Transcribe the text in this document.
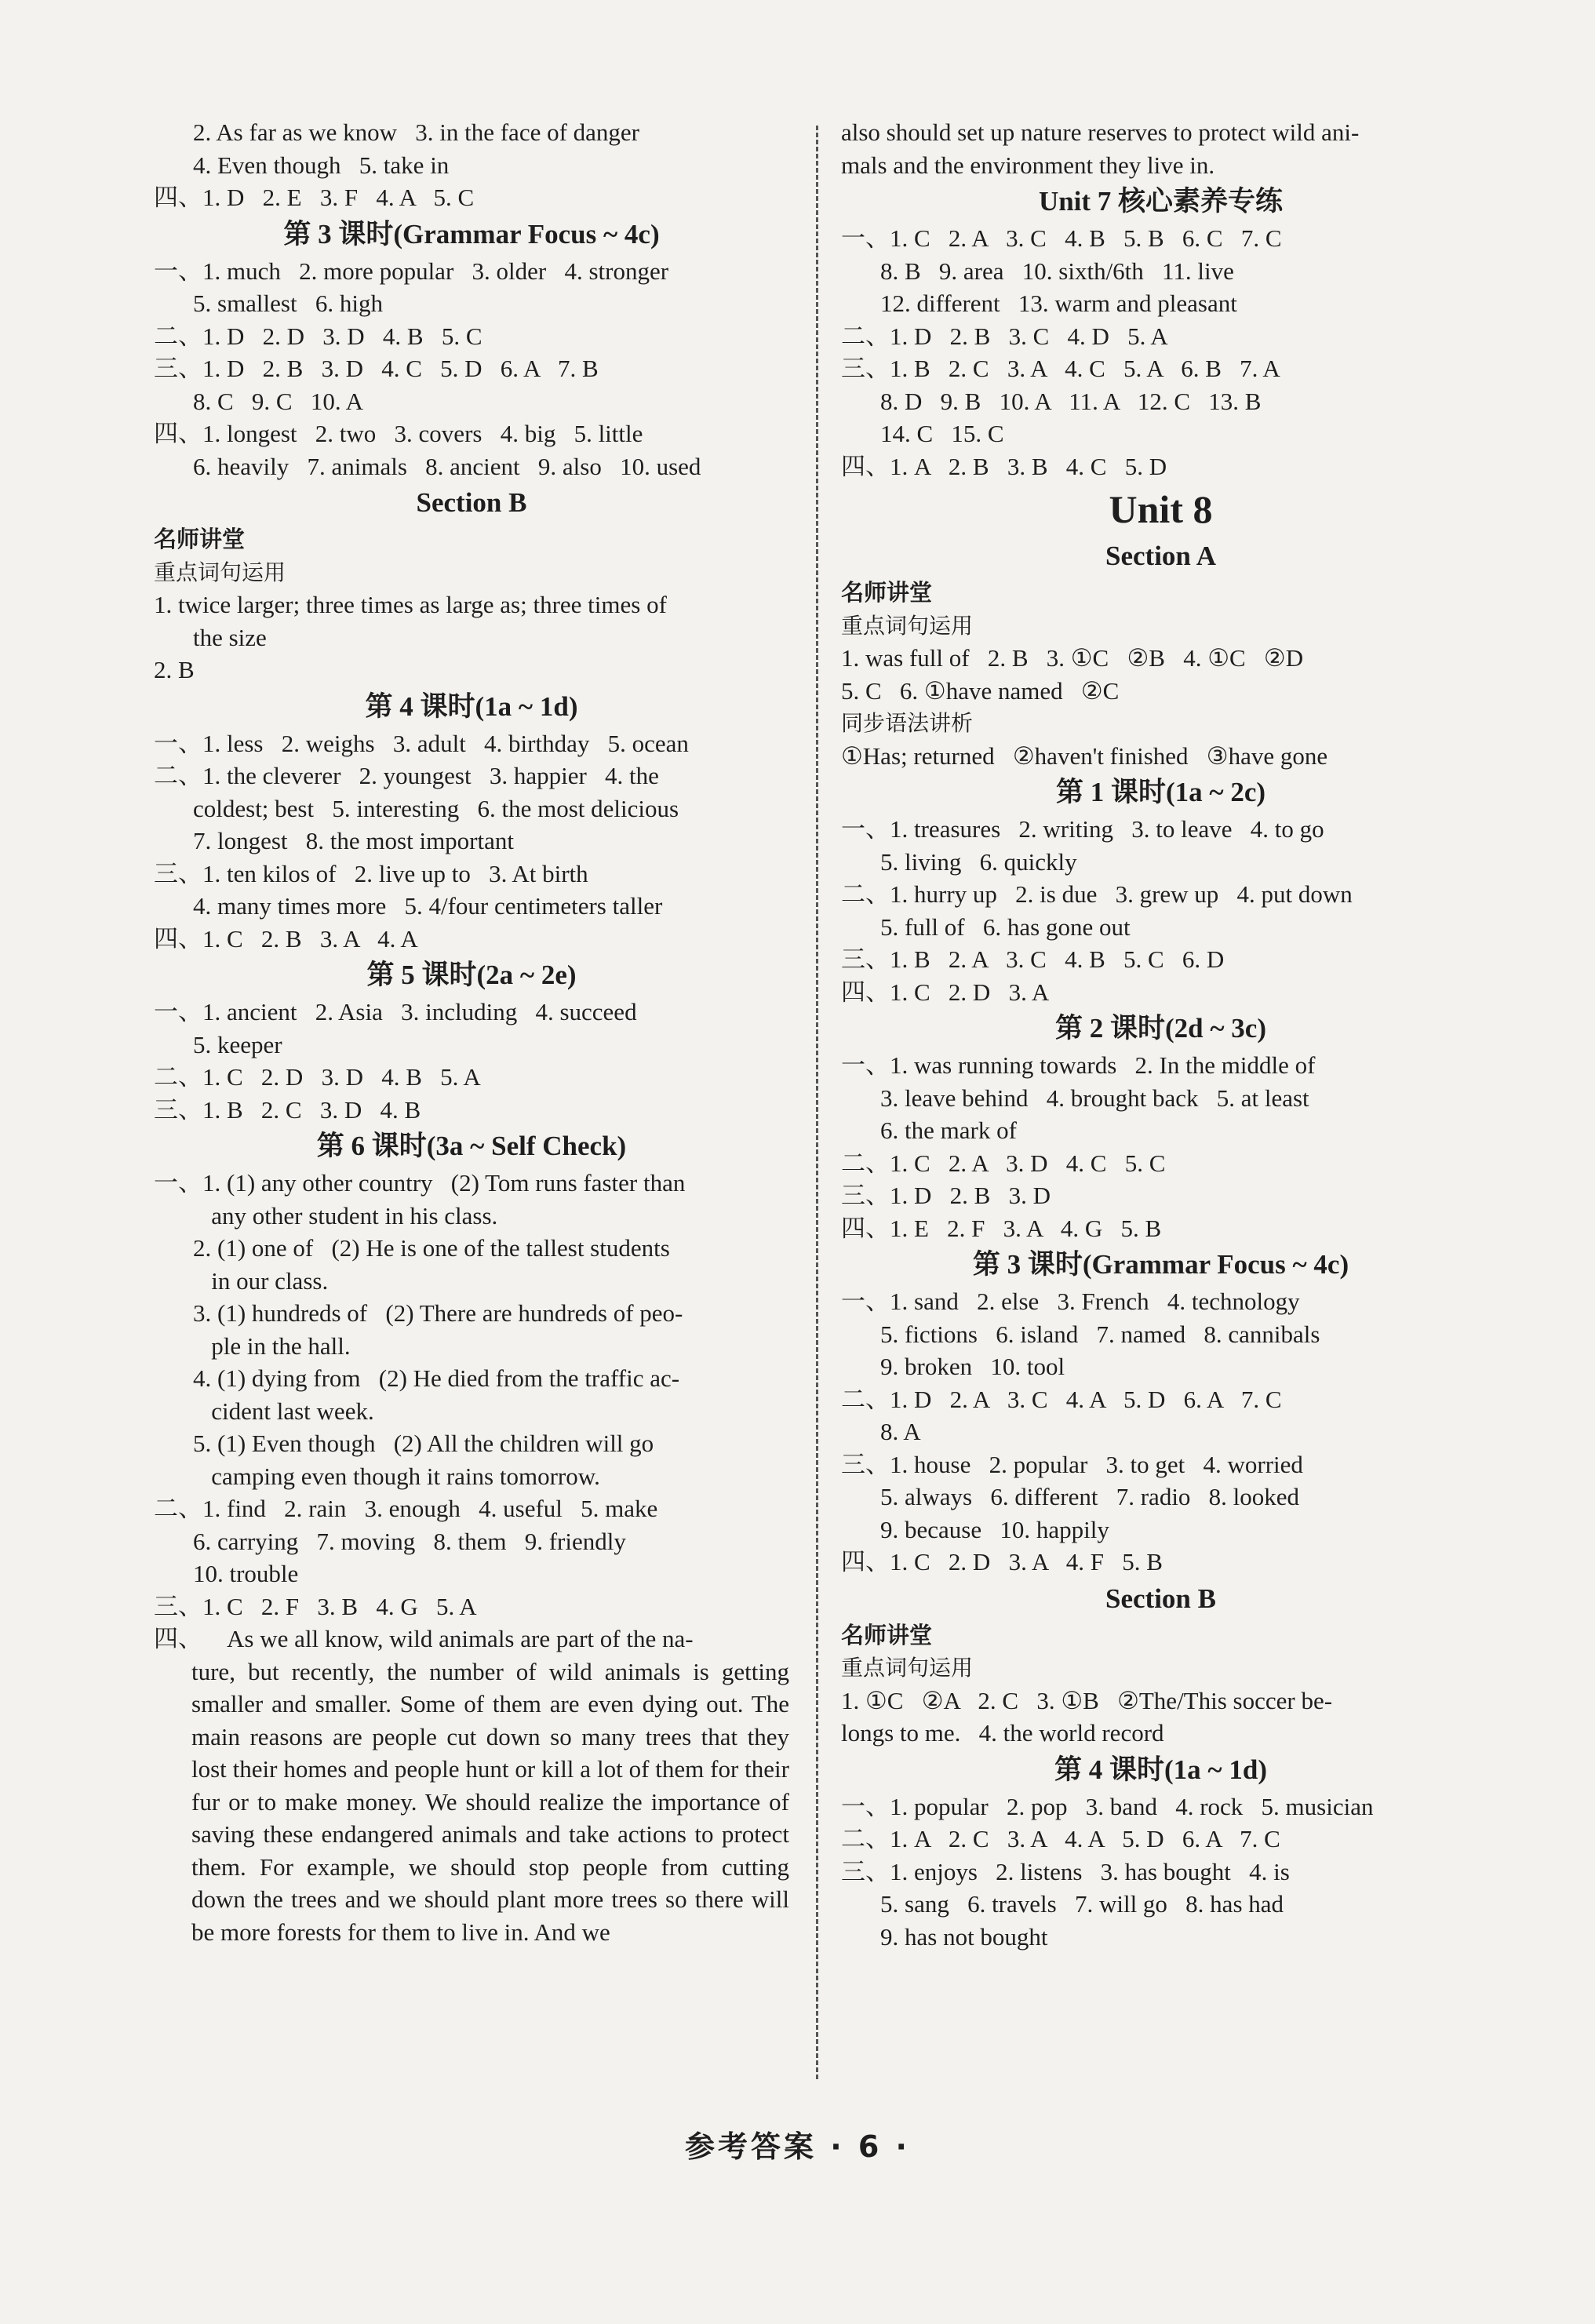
2. As far as we know   3. in the face of danger
4. Even though   5. take in
四、1. D   2. E   3. F   4. A   5. C
第 3 课时(Grammar Focus ~ 4c)
一、1. much   2. more popular   3. older   4. stronger
5. smallest   6. high
二、1. D   2. D   3. D   4. B   5. C
三、1. D   2. B   3. D   4. C   5. D   6. A   7. B
8. C   9. C   10. A
四、1. longest   2. two   3. covers   4. big   5. little
6. heavily   7. animals   8. ancient   9. also   10. used
Section B
名师讲堂
重点词句运用
1. twice larger; three times as large as; three times of
the size
2. B
第 4 课时(1a ~ 1d)
一、1. less   2. weighs   3. adult   4. birthday   5. ocean
二、1. the cleverer   2. youngest   3. happier   4. the
coldest; best   5. interesting   6. the most delicious
7. longest   8. the most important
三、1. ten kilos of   2. live up to   3. At birth
4. many times more   5. 4/four centimeters taller
四、1. C   2. B   3. A   4. A
第 5 课时(2a ~ 2e)
一、1. ancient   2. Asia   3. including   4. succeed
5. keeper
二、1. C   2. D   3. D   4. B   5. A
三、1. B   2. C   3. D   4. B
第 6 课时(3a ~ Self Check)
一、1. (1) any other country   (2) Tom runs faster than
any other student in his class.
2. (1) one of   (2) He is one of the tallest students
in our class.
3. (1) hundreds of   (2) There are hundreds of peo-
ple in the hall.
4. (1) dying from   (2) He died from the traffic ac-
cident last week.
5. (1) Even though   (2) All the children will go
camping even though it rains tomorrow.
二、1. find   2. rain   3. enough   4. useful   5. make
6. carrying   7. moving   8. them   9. friendly
10. trouble
三、1. C   2. F   3. B   4. G   5. A
四、    As we all know, wild animals are part of the na-
ture, but recently, the number of wild animals is getting smaller and smaller. Some of them are even dying out. The main reasons are people cut down so many trees that they lost their homes and people hunt or kill a lot of them for their fur or to make money. We should realize the importance of saving these endangered animals and take actions to protect them. For example, we should stop people from cutting down the trees and we should plant more trees so there will be more forests for them to live in. And we
also should set up nature reserves to protect wild ani-
mals and the environment they live in.
Unit 7 核心素养专练
一、1. C   2. A   3. C   4. B   5. B   6. C   7. C
8. B   9. area   10. sixth/6th   11. live
12. different   13. warm and pleasant
二、1. D   2. B   3. C   4. D   5. A
三、1. B   2. C   3. A   4. C   5. A   6. B   7. A
8. D   9. B   10. A   11. A   12. C   13. B
14. C   15. C
四、1. A   2. B   3. B   4. C   5. D
Unit 8
Section A
名师讲堂
重点词句运用
1. was full of   2. B   3. ①C   ②B   4. ①C   ②D
5. C   6. ①have named   ②C
同步语法讲析
①Has; returned   ②haven't finished   ③have gone
第 1 课时(1a ~ 2c)
一、1. treasures   2. writing   3. to leave   4. to go
5. living   6. quickly
二、1. hurry up   2. is due   3. grew up   4. put down
5. full of   6. has gone out
三、1. B   2. A   3. C   4. B   5. C   6. D
四、1. C   2. D   3. A
第 2 课时(2d ~ 3c)
一、1. was running towards   2. In the middle of
3. leave behind   4. brought back   5. at least
6. the mark of
二、1. C   2. A   3. D   4. C   5. C
三、1. D   2. B   3. D
四、1. E   2. F   3. A   4. G   5. B
第 3 课时(Grammar Focus ~ 4c)
一、1. sand   2. else   3. French   4. technology
5. fictions   6. island   7. named   8. cannibals
9. broken   10. tool
二、1. D   2. A   3. C   4. A   5. D   6. A   7. C
8. A
三、1. house   2. popular   3. to get   4. worried
5. always   6. different   7. radio   8. looked
9. because   10. happily
四、1. C   2. D   3. A   4. F   5. B
Section B
名师讲堂
重点词句运用
1. ①C   ②A   2. C   3. ①B   ②The/This soccer be-
longs to me.   4. the world record
第 4 课时(1a ~ 1d)
一、1. popular   2. pop   3. band   4. rock   5. musician
二、1. A   2. C   3. A   4. A   5. D   6. A   7. C
三、1. enjoys   2. listens   3. has bought   4. is
5. sang   6. travels   7. will go   8. has had
9. has not bought
参考答案 · 6 ·
